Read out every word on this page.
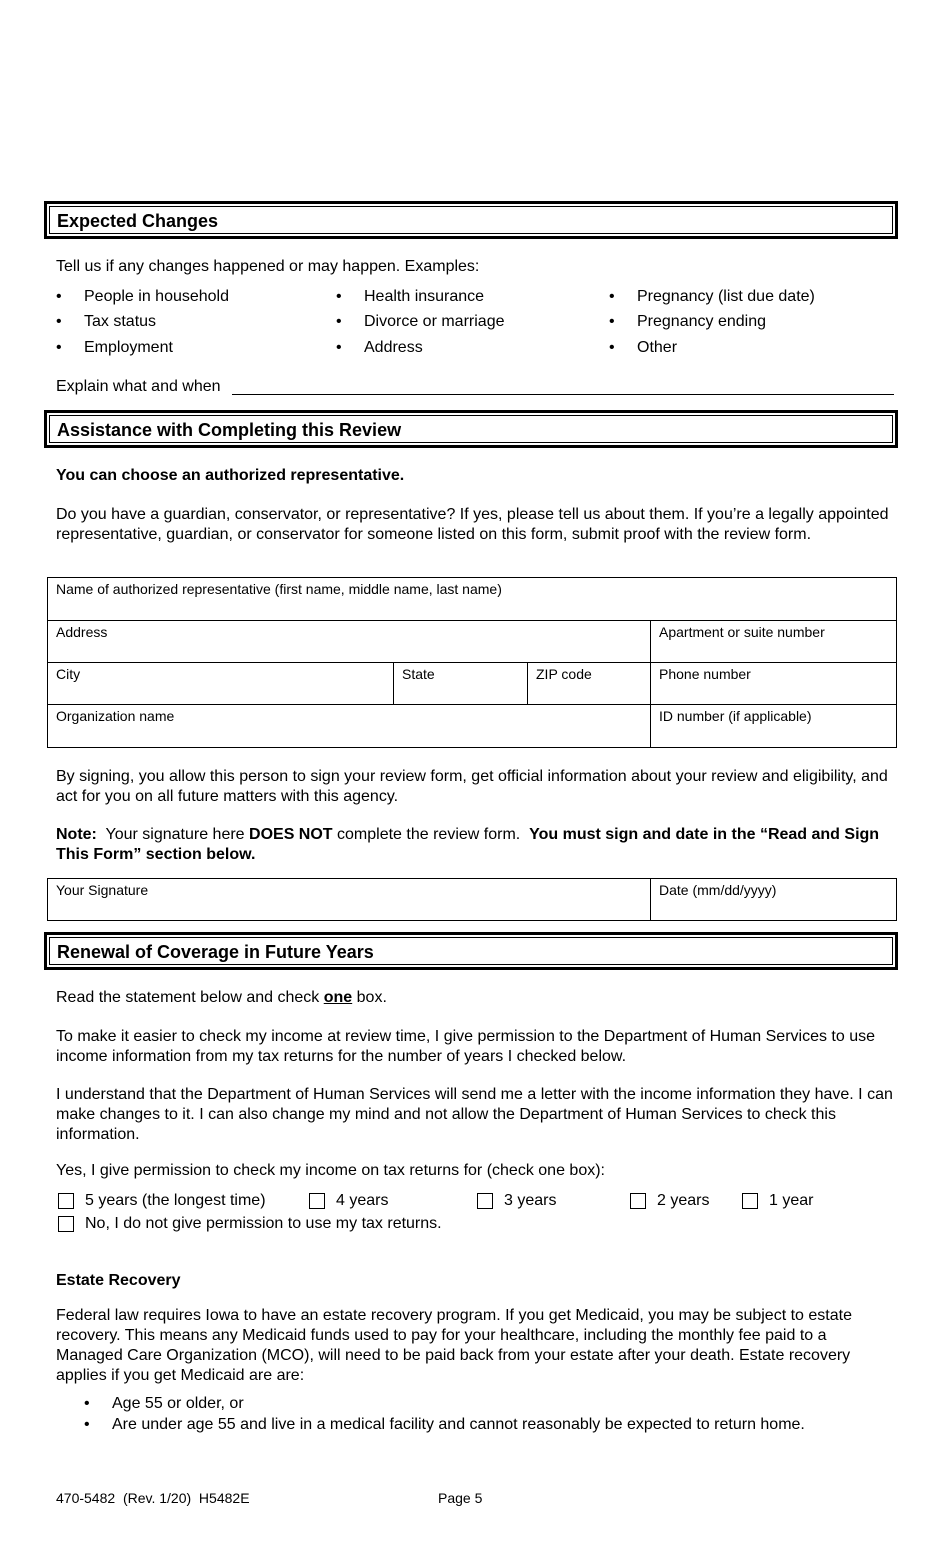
Expected Changes
Tell us if any changes happened or may happen. Examples:
• People in household
• Tax status
• Employment
• Health insurance
• Divorce or marriage
• Address
• Pregnancy (list due date)
• Pregnancy ending
• Other
Explain what and when
Assistance with Completing this Review
You can choose an authorized representative.
Do you have a guardian, conservator, or representative? If yes, please tell us about them. If you’re a legally appointed representative, guardian, or conservator for someone listed on this form, submit proof with the review form.
Name of authorized representative (first name, middle name, last name)
Address	Apartment or suite number
City	State	ZIP code	Phone number
Organization name	ID number (if applicable)
By signing, you allow this person to sign your review form, get official information about your review and eligibility, and act for you on all future matters with this agency.
Note: Your signature here DOES NOT complete the review form. You must sign and date in the “Read and Sign This Form” section below.
Your Signature	Date (mm/dd/yyyy)
Renewal of Coverage in Future Years
Read the statement below and check one box.
To make it easier to check my income at review time, I give permission to the Department of Human Services to use income information from my tax returns for the number of years I checked below.
I understand that the Department of Human Services will send me a letter with the income information they have. I can make changes to it. I can also change my mind and not allow the Department of Human Services to check this information.
Yes, I give permission to check my income on tax returns for (check one box):
5 years (the longest time)	4 years	3 years	2 years	1 year
No, I do not give permission to use my tax returns.
Estate Recovery
Federal law requires Iowa to have an estate recovery program. If you get Medicaid, you may be subject to estate recovery. This means any Medicaid funds used to pay for your healthcare, including the monthly fee paid to a Managed Care Organization (MCO), will need to be paid back from your estate after your death. Estate recovery applies if you get Medicaid are are:
• Age 55 or older, or
• Are under age 55 and live in a medical facility and cannot reasonably be expected to return home.
470-5482  (Rev. 1/20)  H5482E	Page 5
